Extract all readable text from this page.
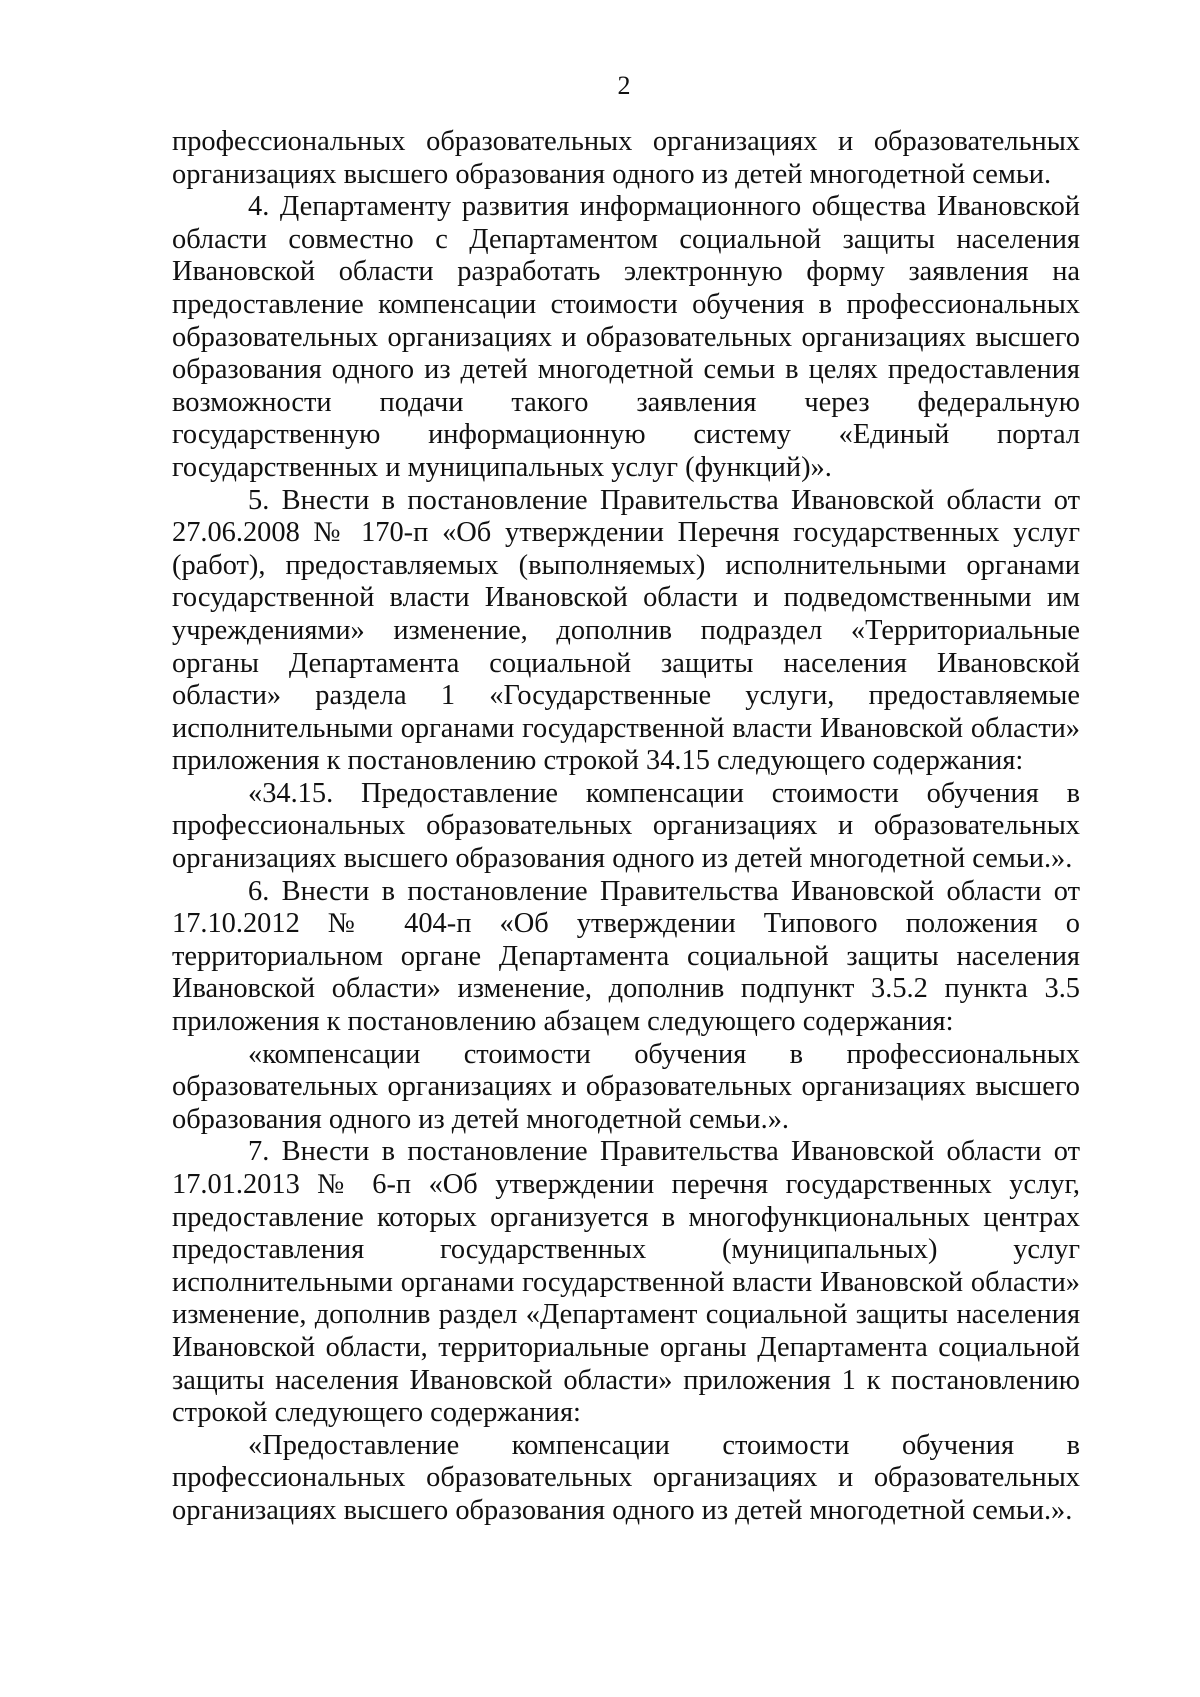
2

профессиональных образовательных организациях и образовательных организациях высшего образования одного из детей многодетной семьи.

4. Департаменту развития информационного общества Ивановской области совместно с Департаментом социальной защиты населения Ивановской области разработать электронную форму заявления на предоставление компенсации стоимости обучения в профессиональных образовательных организациях и образовательных организациях высшего образования одного из детей многодетной семьи в целях предоставления возможности подачи такого заявления через федеральную государственную информационную систему «Единый портал государственных и муниципальных услуг (функций)».

5. Внести в постановление Правительства Ивановской области от 27.06.2008 № 170-п «Об утверждении Перечня государственных услуг (работ), предоставляемых (выполняемых) исполнительными органами государственной власти Ивановской области и подведомственными им учреждениями» изменение, дополнив подраздел «Территориальные органы Департамента социальной защиты населения Ивановской области» раздела 1 «Государственные услуги, предоставляемые исполнительными органами государственной власти Ивановской области» приложения к постановлению строкой 34.15 следующего содержания:

«34.15. Предоставление компенсации стоимости обучения в профессиональных образовательных организациях и образовательных организациях высшего образования одного из детей многодетной семьи.».

6. Внести в постановление Правительства Ивановской области от 17.10.2012 № 404-п «Об утверждении Типового положения о территориальном органе Департамента социальной защиты населения Ивановской области» изменение, дополнив подпункт 3.5.2 пункта 3.5 приложения к постановлению абзацем следующего содержания:

«компенсации стоимости обучения в профессиональных образовательных организациях и образовательных организациях высшего образования одного из детей многодетной семьи.».

7. Внести в постановление Правительства Ивановской области от 17.01.2013 № 6-п «Об утверждении перечня государственных услуг, предоставление которых организуется в многофункциональных центрах предоставления государственных (муниципальных) услуг исполнительными органами государственной власти Ивановской области» изменение, дополнив раздел «Департамент социальной защиты населения Ивановской области, территориальные органы Департамента социальной защиты населения Ивановской области» приложения 1 к постановлению строкой следующего содержания:

«Предоставление компенсации стоимости обучения в профессиональных образовательных организациях и образовательных организациях высшего образования одного из детей многодетной семьи.».
